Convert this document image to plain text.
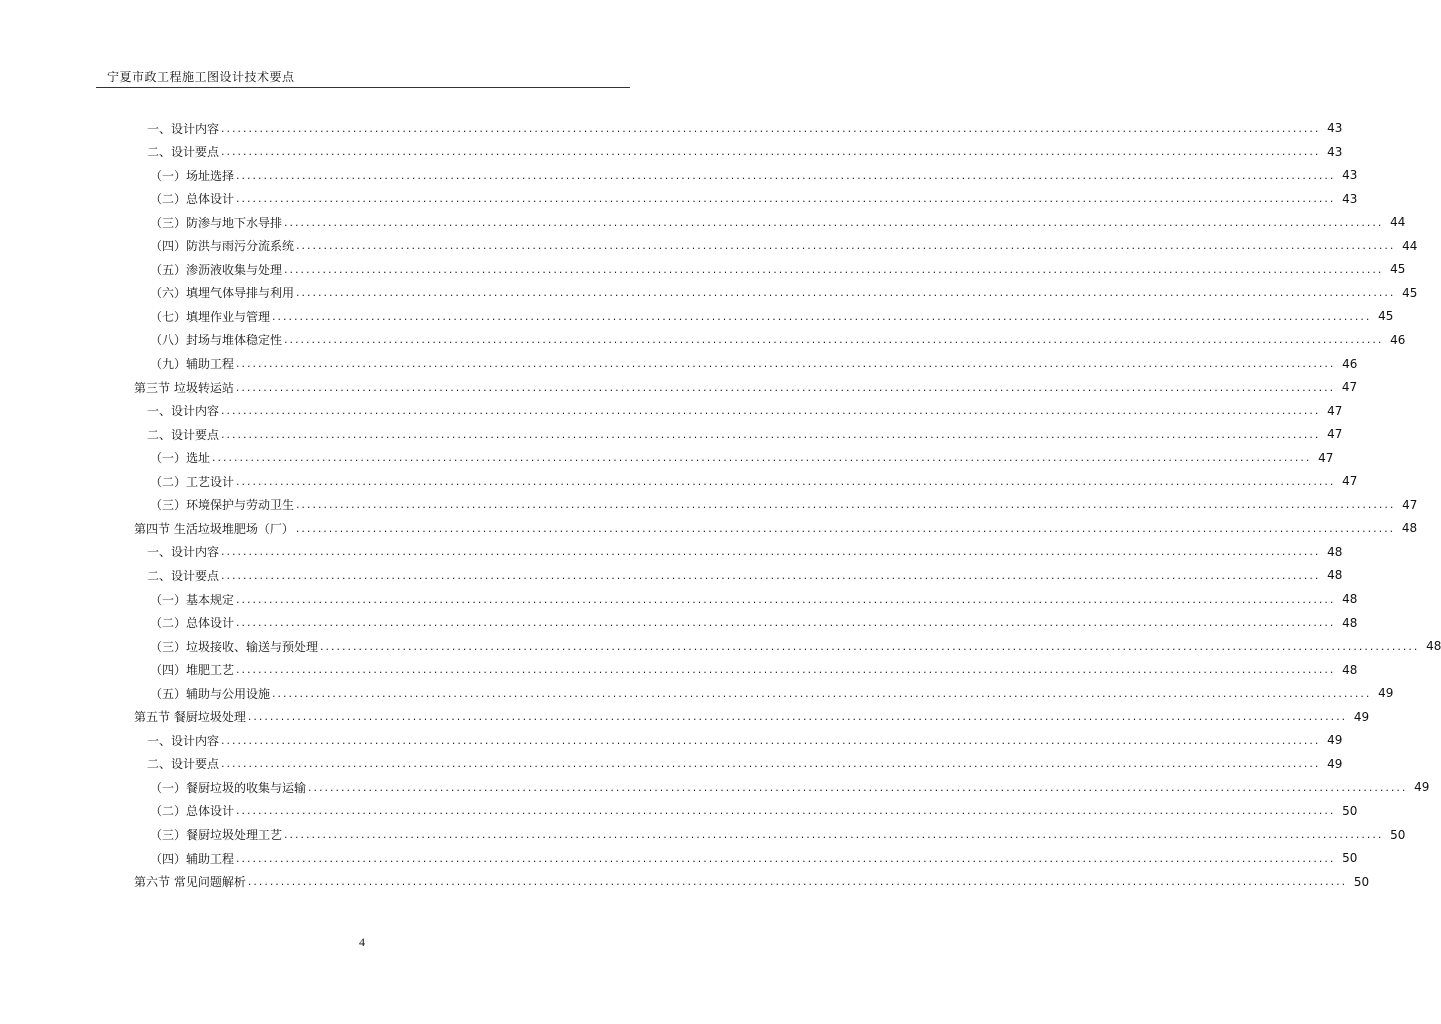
宁夏市政工程施工图设计技术要点
一、设计内容 ........................................................................................................................................................................................................ 43
二、设计要点 ........................................................................................................................................................................................................ 43
（一）场址选择 ........................................................................................................................................................................................................ 43
（二）总体设计 ........................................................................................................................................................................................................ 43
（三）防渗与地下水导排 ........................................................................................................................................................................................................ 44
（四）防洪与雨污分流系统 ........................................................................................................................................................................................................ 44
（五）渗沥液收集与处理 ........................................................................................................................................................................................................ 45
（六）填埋气体导排与利用 ........................................................................................................................................................................................................ 45
（七）填埋作业与管理 ........................................................................................................................................................................................................ 45
（八）封场与堆体稳定性 ........................................................................................................................................................................................................ 46
（九）辅助工程 ........................................................................................................................................................................................................ 46
第三节 垃圾转运站 ........................................................................................................................................................................................................ 47
一、设计内容 ........................................................................................................................................................................................................ 47
二、设计要点 ........................................................................................................................................................................................................ 47
（一）选址 ........................................................................................................................................................................................................ 47
（二）工艺设计 ........................................................................................................................................................................................................ 47
（三）环境保护与劳动卫生 ........................................................................................................................................................................................................ 47
第四节 生活垃圾堆肥场（厂） ........................................................................................................................................................................................................ 48
一、设计内容 ........................................................................................................................................................................................................ 48
二、设计要点 ........................................................................................................................................................................................................ 48
（一）基本规定 ........................................................................................................................................................................................................ 48
（二）总体设计 ........................................................................................................................................................................................................ 48
（三）垃圾接收、输送与预处理 ........................................................................................................................................................................................................ 48
（四）堆肥工艺 ........................................................................................................................................................................................................ 48
（五）辅助与公用设施 ........................................................................................................................................................................................................ 49
第五节 餐厨垃圾处理 ........................................................................................................................................................................................................ 49
一、设计内容 ........................................................................................................................................................................................................ 49
二、设计要点 ........................................................................................................................................................................................................ 49
（一）餐厨垃圾的收集与运输 ........................................................................................................................................................................................................ 49
（二）总体设计 ........................................................................................................................................................................................................ 50
（三）餐厨垃圾处理工艺 ........................................................................................................................................................................................................ 50
（四）辅助工程 ........................................................................................................................................................................................................ 50
第六节 常见问题解析 ........................................................................................................................................................................................................ 50
4
